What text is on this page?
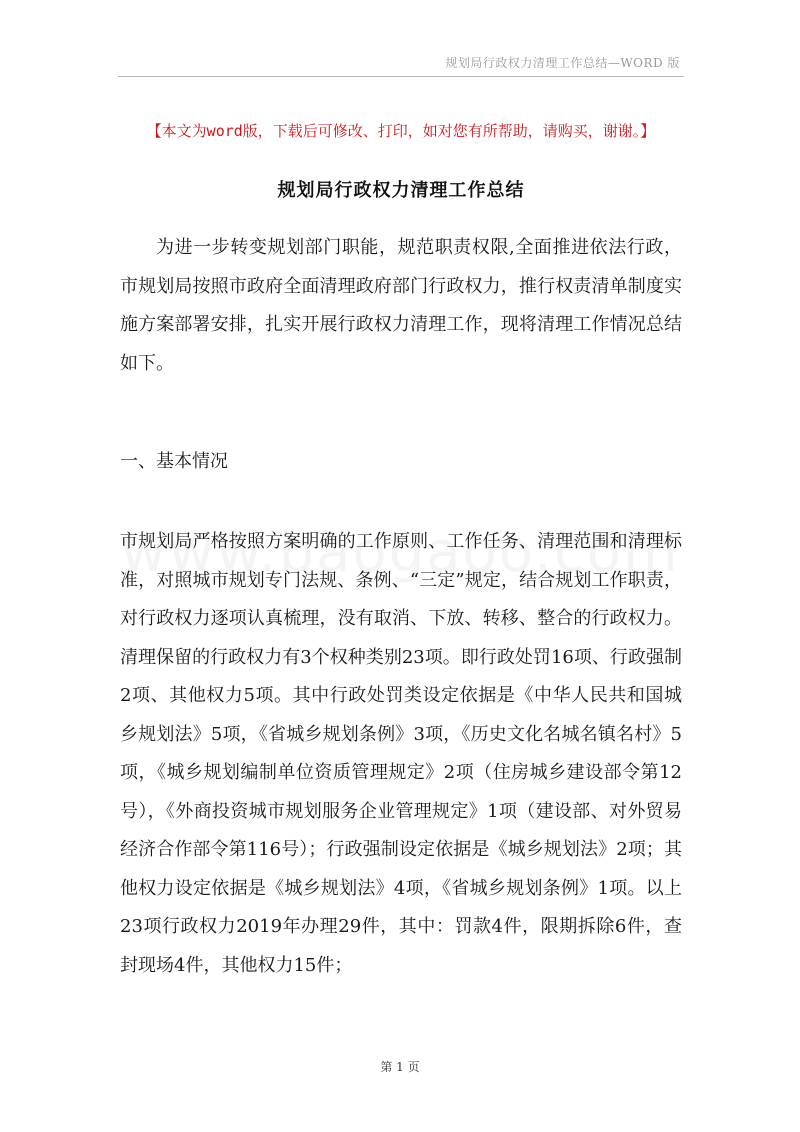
规划局行政权力清理工作总结—WORD 版
【本文为word版，下载后可修改、打印，如对您有所帮助，请购买，谢谢。】
规划局行政权力清理工作总结

为进一步转变规划部门职能，规范职责权限,全面推进依法行政，市规划局按照市政府全面清理政府部门行政权力，推行权责清单制度实施方案部署安排，扎实开展行政权力清理工作，现将清理工作情况总结如下。

一、基本情况

市规划局严格按照方案明确的工作原则、工作任务、清理范围和清理标准，对照城市规划专门法规、条例、“三定”规定，结合规划工作职责，对行政权力逐项认真梳理，没有取消、下放、转移、整合的行政权力。清理保留的行政权力有3个权种类别23项。即行政处罚16项、行政强制2项、其他权力5项。其中行政处罚类设定依据是《中华人民共和国城乡规划法》5项，《省城乡规划条例》3项，《历史文化名城名镇名村》5项，《城乡规划编制单位资质管理规定》2项（住房城乡建设部令第12号），《外商投资城市规划服务企业管理规定》1项（建设部、对外贸易经济合作部令第116号）；行政强制设定依据是《城乡规划法》2项；其他权力设定依据是《城乡规划法》4项，《省城乡规划条例》1项。以上23项行政权力2019年办理29件，其中：罚款4件，限期拆除6件，查封现场4件，其他权力15件；

第 1 页
